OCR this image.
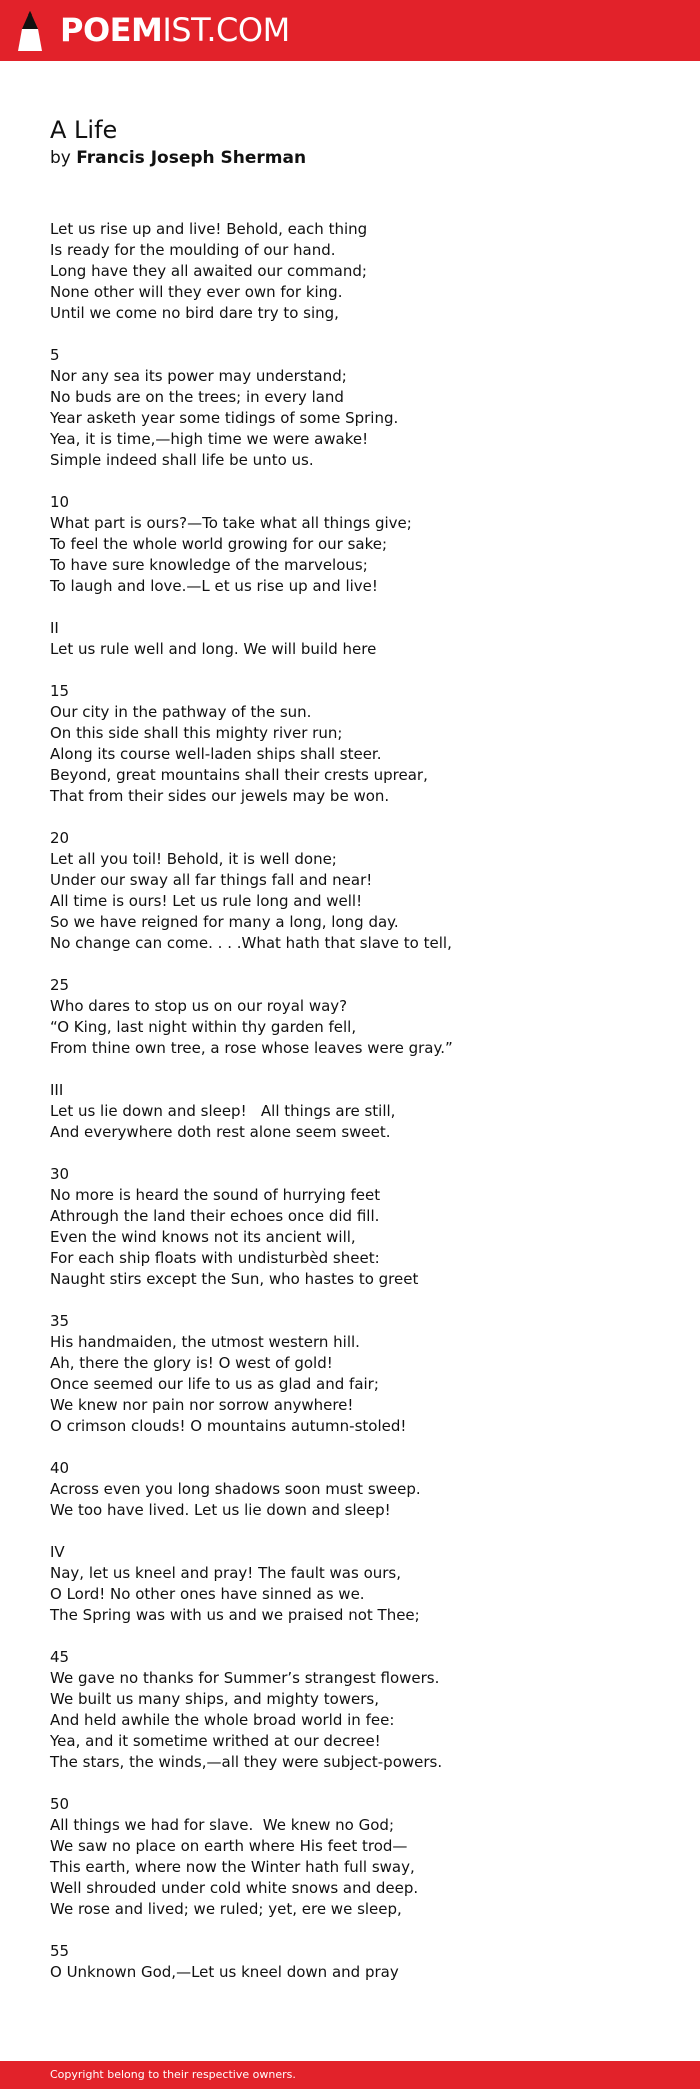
POEMIST.COM
A Life
by Francis Joseph Sherman
Let us rise up and live! Behold, each thing
Is ready for the moulding of our hand.
Long have they all awaited our command;
None other will they ever own for king.
Until we come no bird dare try to sing,
5
Nor any sea its power may understand;
No buds are on the trees; in every land
Year asketh year some tidings of some Spring.
Yea, it is time,—high time we were awake!
Simple indeed shall life be unto us.
10
What part is ours?—To take what all things give;
To feel the whole world growing for our sake;
To have sure knowledge of the marvelous;
To laugh and love.—L et us rise up and live!
II
Let us rule well and long. We will build here
15
Our city in the pathway of the sun.
On this side shall this mighty river run;
Along its course well-laden ships shall steer.
Beyond, great mountains shall their crests uprear,
That from their sides our jewels may be won.
20
Let all you toil! Behold, it is well done;
Under our sway all far things fall and near!
All time is ours! Let us rule long and well!
So we have reigned for many a long, long day.
No change can come. . . .What hath that slave to tell,
25
Who dares to stop us on our royal way?
“O King, last night within thy garden fell,
From thine own tree, a rose whose leaves were gray.”
III
Let us lie down and sleep!   All things are still,
And everywhere doth rest alone seem sweet.
30
No more is heard the sound of hurrying feet
Athrough the land their echoes once did fill.
Even the wind knows not its ancient will,
For each ship floats with undisturbèd sheet:
Naught stirs except the Sun, who hastes to greet
35
His handmaiden, the utmost western hill.
Ah, there the glory is! O west of gold!
Once seemed our life to us as glad and fair;
We knew nor pain nor sorrow anywhere!
O crimson clouds! O mountains autumn-stoled!
40
Across even you long shadows soon must sweep.
We too have lived. Let us lie down and sleep!
IV
Nay, let us kneel and pray! The fault was ours,
O Lord! No other ones have sinned as we.
The Spring was with us and we praised not Thee;
45
We gave no thanks for Summer’s strangest flowers.
We built us many ships, and mighty towers,
And held awhile the whole broad world in fee:
Yea, and it sometime writhed at our decree!
The stars, the winds,—all they were subject-powers.
50
All things we had for slave.  We knew no God;
We saw no place on earth where His feet trod—
This earth, where now the Winter hath full sway,
Well shrouded under cold white snows and deep.
We rose and lived; we ruled; yet, ere we sleep,
55
O Unknown God,—Let us kneel down and pray
Copyright belong to their respective owners.
